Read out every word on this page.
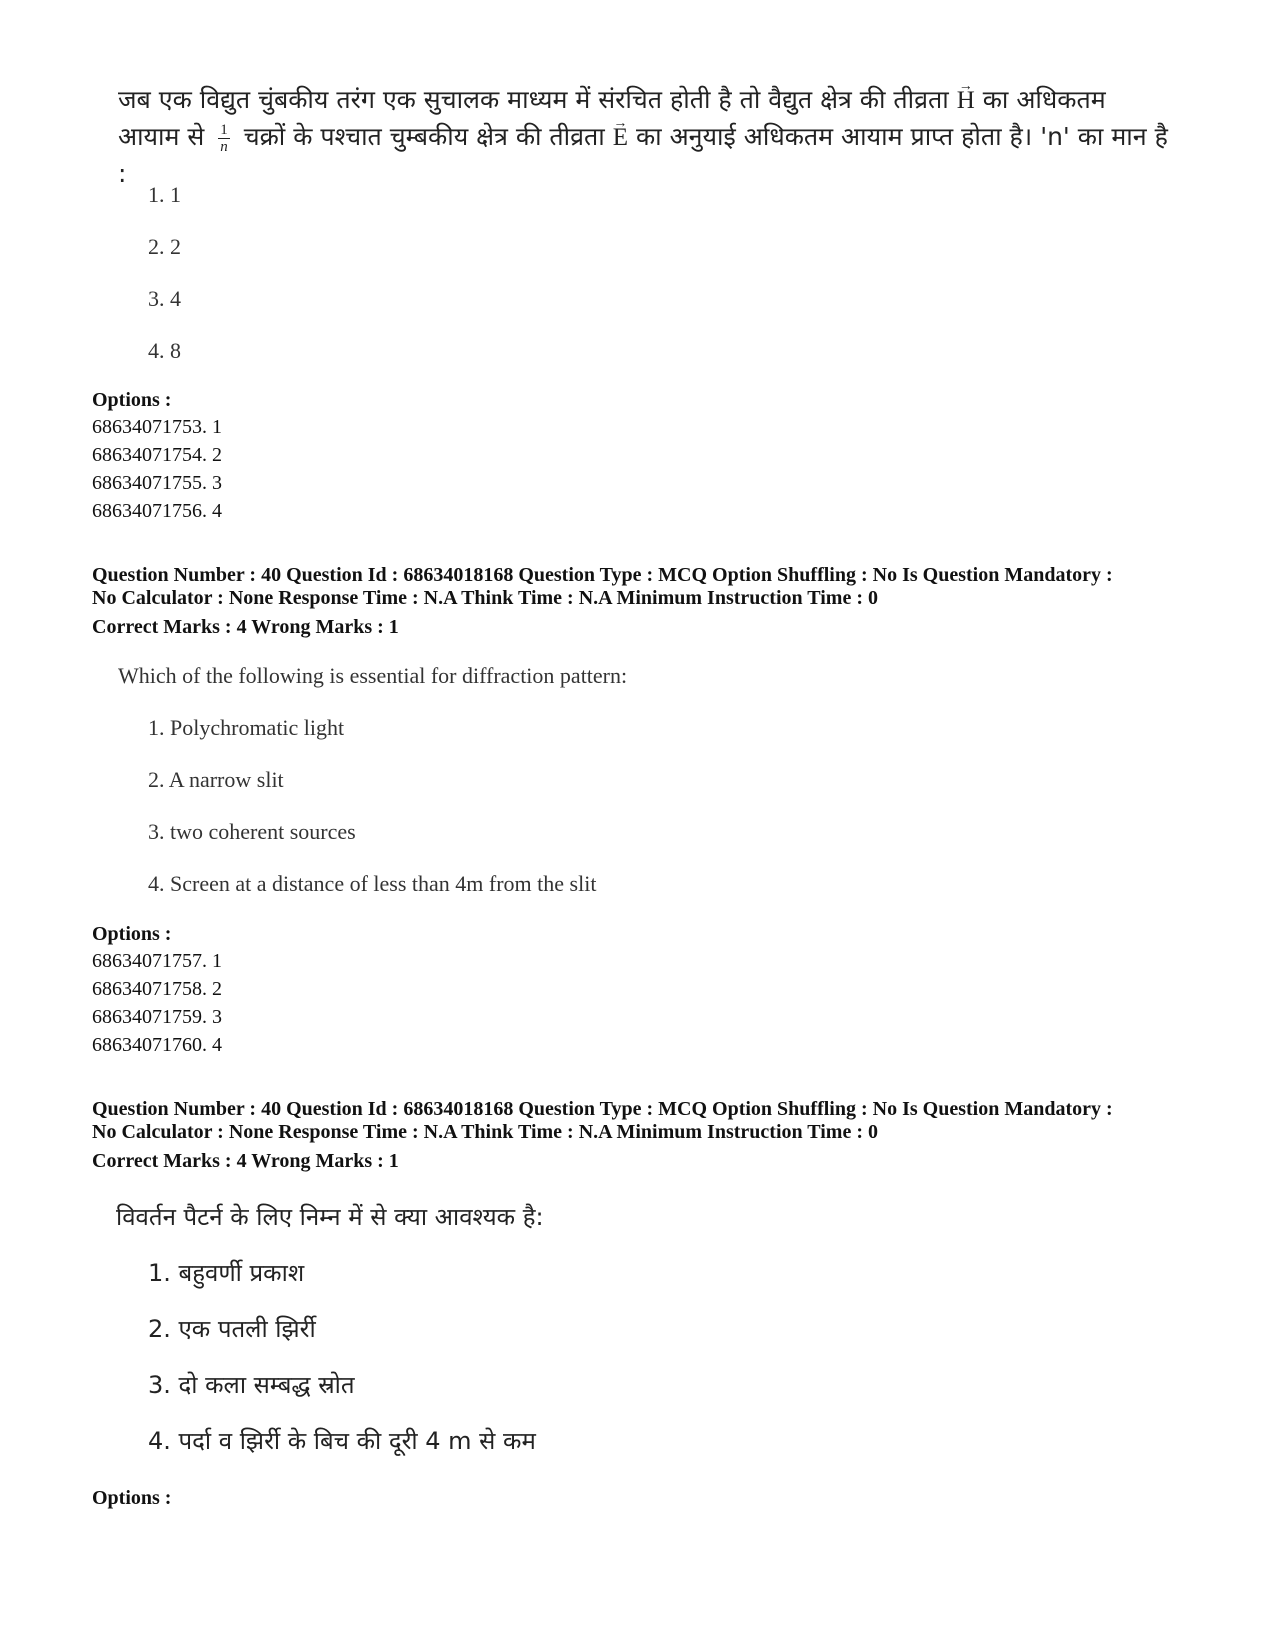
जब एक विद्युत चुंबकीय तरंग एक सुचालक माध्यम में संरचित होती है तो वैद्युत क्षेत्र की तीव्रता → H का अधिकतम
आयाम से $\frac{1}{n}$ चक्रों के पश्चात चुम्बकीय क्षेत्र की तीव्रता → E का अनुयाई अधिकतम आयाम प्राप्त होता है। 'n' का मान है :
1. 1
2. 2
3. 4
4. 8
Options :
68634071753. 1
68634071754. 2
68634071755. 3
68634071756. 4
Question Number : 40 Question Id : 68634018168 Question Type : MCQ Option Shuffling : No Is Question Mandatory :
No Calculator : None Response Time : N.A Think Time : N.A Minimum Instruction Time : 0
Correct Marks : 4 Wrong Marks : 1
Which of the following is essential for diffraction pattern:
1. Polychromatic light
2. A narrow slit
3. two coherent sources
4. Screen at a distance of less than 4m from the slit
Options :
68634071757. 1
68634071758. 2
68634071759. 3
68634071760. 4
Question Number : 40 Question Id : 68634018168 Question Type : MCQ Option Shuffling : No Is Question Mandatory :
No Calculator : None Response Time : N.A Think Time : N.A Minimum Instruction Time : 0
Correct Marks : 4 Wrong Marks : 1
विवर्तन पैटर्न के लिए निम्न में से क्या आवश्यक है:
1. बहुवर्णी प्रकाश
2. एक पतली झिर्री
3. दो कला सम्बद्ध स्रोत
4. पर्दा व झिर्री के बिच की दूरी 4 m से कम
Options :
